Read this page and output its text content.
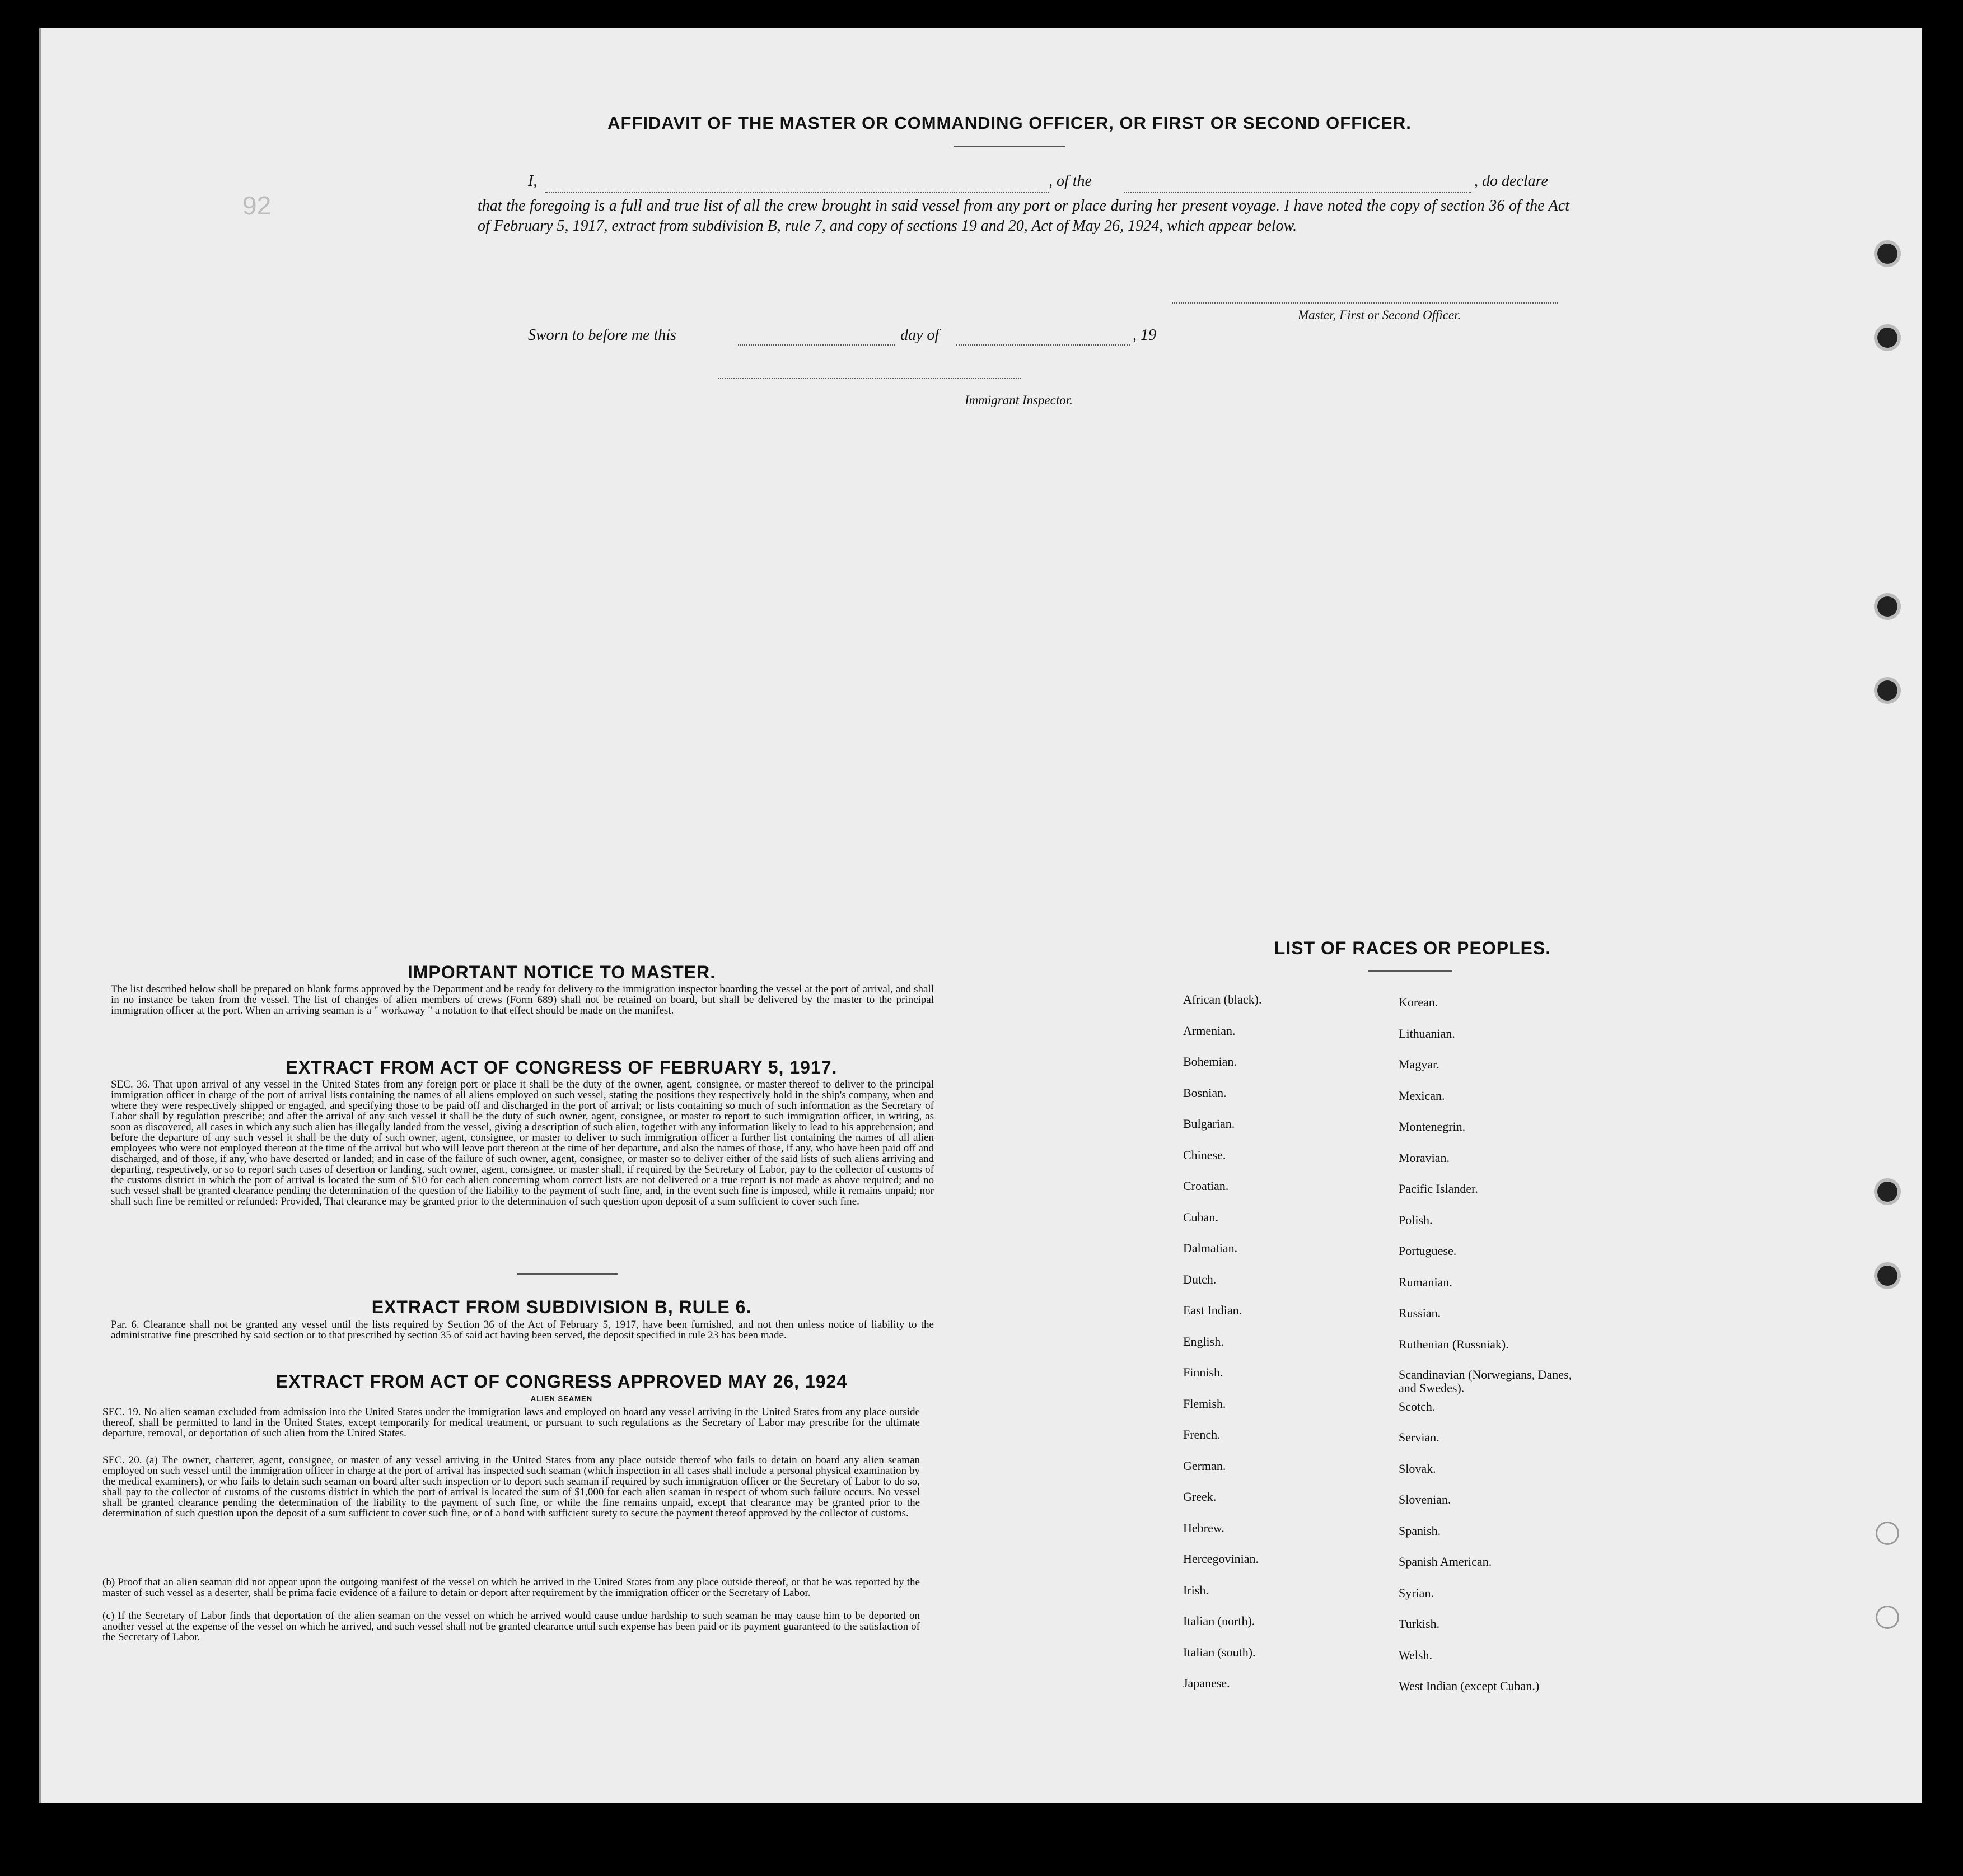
92
AFFIDAVIT OF THE MASTER OR COMMANDING OFFICER, OR FIRST OR SECOND OFFICER.
I,	, of the	, do declare
that the foregoing is a full and true list of all the crew brought in said vessel from any port or place during her present voyage. I have noted the copy of section 36 of the Act of February 5, 1917, extract from subdivision B, rule 7, and copy of sections 19 and 20, Act of May 26, 1924, which appear below.
Master, First or Second Officer.
Sworn to before me this	day of	, 19
Immigrant Inspector.
IMPORTANT NOTICE TO MASTER.
The list described below shall be prepared on blank forms approved by the Department and be ready for delivery to the immigration inspector boarding the vessel at the port of arrival, and shall in no instance be taken from the vessel. The list of changes of alien members of crews (Form 689) shall not be retained on board, but shall be delivered by the master to the principal immigration officer at the port. When an arriving seaman is a " workaway " a notation to that effect should be made on the manifest.
EXTRACT FROM ACT OF CONGRESS OF FEBRUARY 5, 1917.
SEC. 36. That upon arrival of any vessel in the United States from any foreign port or place it shall be the duty of the owner, agent, consignee, or master thereof to deliver to the principal immigration officer in charge of the port of arrival lists containing the names of all aliens employed on such vessel, stating the positions they respectively hold in the ship's company, when and where they were respectively shipped or engaged, and specifying those to be paid off and discharged in the port of arrival; or lists containing so much of such information as the Secretary of Labor shall by regulation prescribe; and after the arrival of any such vessel it shall be the duty of such owner, agent, consignee, or master to report to such immigration officer, in writing, as soon as discovered, all cases in which any such alien has illegally landed from the vessel, giving a description of such alien, together with any information likely to lead to his apprehension; and before the departure of any such vessel it shall be the duty of such owner, agent, consignee, or master to deliver to such immigration officer a further list containing the names of all alien employees who were not employed thereon at the time of the arrival but who will leave port thereon at the time of her departure, and also the names of those, if any, who have been paid off and discharged, and of those, if any, who have deserted or landed; and in case of the failure of such owner, agent, consignee, or master so to deliver either of the said lists of such aliens arriving and departing, respectively, or so to report such cases of desertion or landing, such owner, agent, consignee, or master shall, if required by the Secretary of Labor, pay to the collector of customs of the customs district in which the port of arrival is located the sum of $10 for each alien concerning whom correct lists are not delivered or a true report is not made as above required; and no such vessel shall be granted clearance pending the determination of the question of the liability to the payment of such fine, and, in the event such fine is imposed, while it remains unpaid; nor shall such fine be remitted or refunded: Provided, That clearance may be granted prior to the determination of such question upon deposit of a sum sufficient to cover such fine.
EXTRACT FROM SUBDIVISION B, RULE 6.
Par. 6. Clearance shall not be granted any vessel until the lists required by Section 36 of the Act of February 5, 1917, have been furnished, and not then unless notice of liability to the administrative fine prescribed by said section or to that prescribed by section 35 of said act having been served, the deposit specified in rule 23 has been made.
EXTRACT FROM ACT OF CONGRESS APPROVED MAY 26, 1924
ALIEN SEAMEN
SEC. 19. No alien seaman excluded from admission into the United States under the immigration laws and employed on board any vessel arriving in the United States from any place outside thereof, shall be permitted to land in the United States, except temporarily for medical treatment, or pursuant to such regulations as the Secretary of Labor may prescribe for the ultimate departure, removal, or deportation of such alien from the United States.
SEC. 20. (a) The owner, charterer, agent, consignee, or master of any vessel arriving in the United States from any place outside thereof who fails to detain on board any alien seaman employed on such vessel until the immigration officer in charge at the port of arrival has inspected such seaman (which inspection in all cases shall include a personal physical examination by the medical examiners), or who fails to detain such seaman on board after such inspection or to deport such seaman if required by such immigration officer or the Secretary of Labor to do so, shall pay to the collector of customs of the customs district in which the port of arrival is located the sum of $1,000 for each alien seaman in respect of whom such failure occurs. No vessel shall be granted clearance pending the determination of the liability to the payment of such fine, or while the fine remains unpaid, except that clearance may be granted prior to the determination of such question upon the deposit of a sum sufficient to cover such fine, or of a bond with sufficient surety to secure the payment thereof approved by the collector of customs.
(b) Proof that an alien seaman did not appear upon the outgoing manifest of the vessel on which he arrived in the United States from any place outside thereof, or that he was reported by the master of such vessel as a deserter, shall be prima facie evidence of a failure to detain or deport after requirement by the immigration officer or the Secretary of Labor.
(c) If the Secretary of Labor finds that deportation of the alien seaman on the vessel on which he arrived would cause undue hardship to such seaman he may cause him to be deported on another vessel at the expense of the vessel on which he arrived, and such vessel shall not be granted clearance until such expense has been paid or its payment guaranteed to the satisfaction of the Secretary of Labor.
LIST OF RACES OR PEOPLES.
African (black).
Armenian.
Bohemian.
Bosnian.
Bulgarian.
Chinese.
Croatian.
Cuban.
Dalmatian.
Dutch.
East Indian.
English.
Finnish.
Flemish.
French.
German.
Greek.
Hebrew.
Hercegovinian.
Irish.
Italian (north).
Italian (south).
Japanese.
Korean.
Lithuanian.
Magyar.
Mexican.
Montenegrin.
Moravian.
Pacific Islander.
Polish.
Portuguese.
Rumanian.
Russian.
Ruthenian (Russniak).
Scandinavian (Norwegians, Danes, and Swedes).
Scotch.
Servian.
Slovak.
Slovenian.
Spanish.
Spanish American.
Syrian.
Turkish.
Welsh.
West Indian (except Cuban.)
